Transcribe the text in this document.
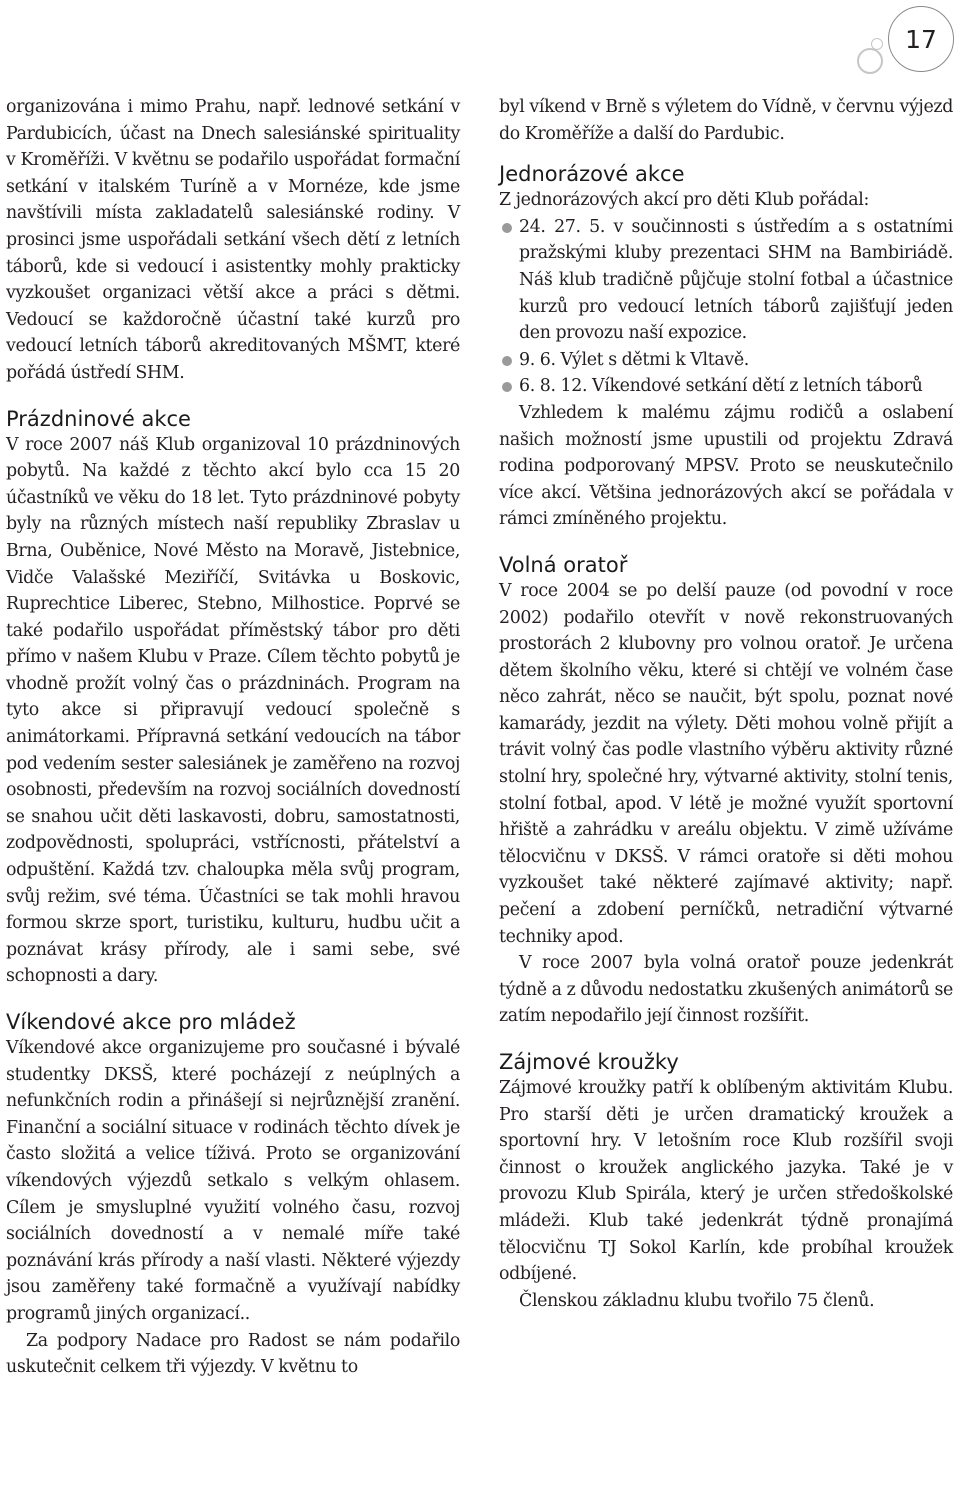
17

organizována i mimo Prahu, např. lednové setkání v Pardubicích, účast na Dnech salesiánské spirituality v Kroměříži. V květnu se podařilo uspořádat formační setkání v italském Turíně a v Mornéze, kde jsme navštívili místa zakladatelů salesiánské rodiny. V prosinci jsme uspořádali setkání všech dětí z letních táborů, kde si vedoucí i asistentky mohly prakticky vyzkoušet organizaci větší akce a práci s dětmi. Vedoucí se každoročně účastní také kurzů pro vedoucí letních táborů akreditovaných MŠMT, které pořádá ústředí SHM.

Prázdninové akce

V roce 2007 náš Klub organizoval 10 prázdninových pobytů. Na každé z těchto akcí bylo cca 15 20 účastníků ve věku do 18 let. Tyto prázdninové pobyty byly na různých místech naší republiky Zbraslav u Brna, Ouběnice, Nové Město na Moravě, Jistebnice, Vidče Valašské Meziříčí, Svitávka u Boskovic, Ruprechtice Liberec, Stebno, Milhostice. Poprvé se také podařilo uspořádat příměstský tábor pro děti přímo v našem Klubu v Praze. Cílem těchto pobytů je vhodně prožít volný čas o prázdninách. Program na tyto akce si připravují vedoucí společně s animátorkami. Přípravná setkání vedoucích na tábor pod vedením sester salesiánek je zaměřeno na rozvoj osobnosti, především na rozvoj sociálních dovedností se snahou učit děti laskavosti, dobru, samostatnosti, zodpovědnosti, spolupráci, vstřícnosti, přátelství a odpuštění. Každá tzv. chaloupka měla svůj program, svůj režim, své téma. Účastníci se tak mohli hravou formou skrze sport, turistiku, kulturu, hudbu učit a poznávat krásy přírody, ale i sami sebe, své schopnosti a dary.

Víkendové akce pro mládež

Víkendové akce organizujeme pro současné i bývalé studentky DKSŠ, které pocházejí z neúplných a nefunkčních rodin a přinášejí si nejrůznější zranění. Finanční a sociální situace v rodinách těchto dívek je často složitá a velice tíživá. Proto se organizování víkendových výjezdů setkalo s velkým ohlasem. Cílem je smysluplné využití volného času, rozvoj sociálních dovedností a v nemalé míře také poznávání krás přírody a naší vlasti. Některé výjezdy jsou zaměřeny také formačně a využívají nabídky programů jiných organizací..

Za podpory Nadace pro Radost se nám podařilo uskutečnit celkem tři výjezdy. V květnu to

byl víkend v Brně s výletem do Vídně, v červnu výjezd do Kroměříže a další do Pardubic.

Jednorázové akce

Z jednorázových akcí pro děti Klub pořádal:

24. 27. 5. v součinnosti s ústředím a s ostatními pražskými kluby prezentaci SHM na Bambiriádě. Náš klub tradičně půjčuje stolní fotbal a účastnice kurzů pro vedoucí letních táborů zajišťují jeden den provozu naší expozice.
9. 6. Výlet s dětmi k Vltavě.
6. 8. 12. Víkendové setkání dětí z letních táborů

Vzhledem k malému zájmu rodičů a oslabení našich možností jsme upustili od projektu Zdravá rodina podporovaný MPSV. Proto se neuskutečnilo více akcí. Většina jednorázových akcí se pořádala v rámci zmíněného projektu.

Volná oratoř

V roce 2004 se po delší pauze (od povodní v roce 2002) podařilo otevřít v nově rekonstruovaných prostorách 2 klubovny pro volnou oratoř. Je určena dětem školního věku, které si chtějí ve volném čase něco zahrát, něco se naučit, být spolu, poznat nové kamarády, jezdit na výlety. Děti mohou volně přijít a trávit volný čas podle vlastního výběru aktivity různé stolní hry, společné hry, výtvarné aktivity, stolní tenis, stolní fotbal, apod. V létě je možné využít sportovní hřiště a zahrádku v areálu objektu. V zimě užíváme tělocvičnu v DKSŠ. V rámci oratoře si děti mohou vyzkoušet také některé zajímavé aktivity; např. pečení a zdobení perníčků, netradiční výtvarné techniky apod.

V roce 2007 byla volná oratoř pouze jedenkrát týdně a z důvodu nedostatku zkušených animátorů se zatím nepodařilo její činnost rozšířit.

Zájmové kroužky

Zájmové kroužky patří k oblíbeným aktivitám Klubu. Pro starší děti je určen dramatický kroužek a sportovní hry. V letošním roce Klub rozšířil svoji činnost o kroužek anglického jazyka. Také je v provozu Klub Spirála, který je určen středoškolské mládeži. Klub také jedenkrát týdně pronajímá tělocvičnu TJ Sokol Karlín, kde probíhal kroužek odbíjené.

Členskou základnu klubu tvořilo 75 členů.
